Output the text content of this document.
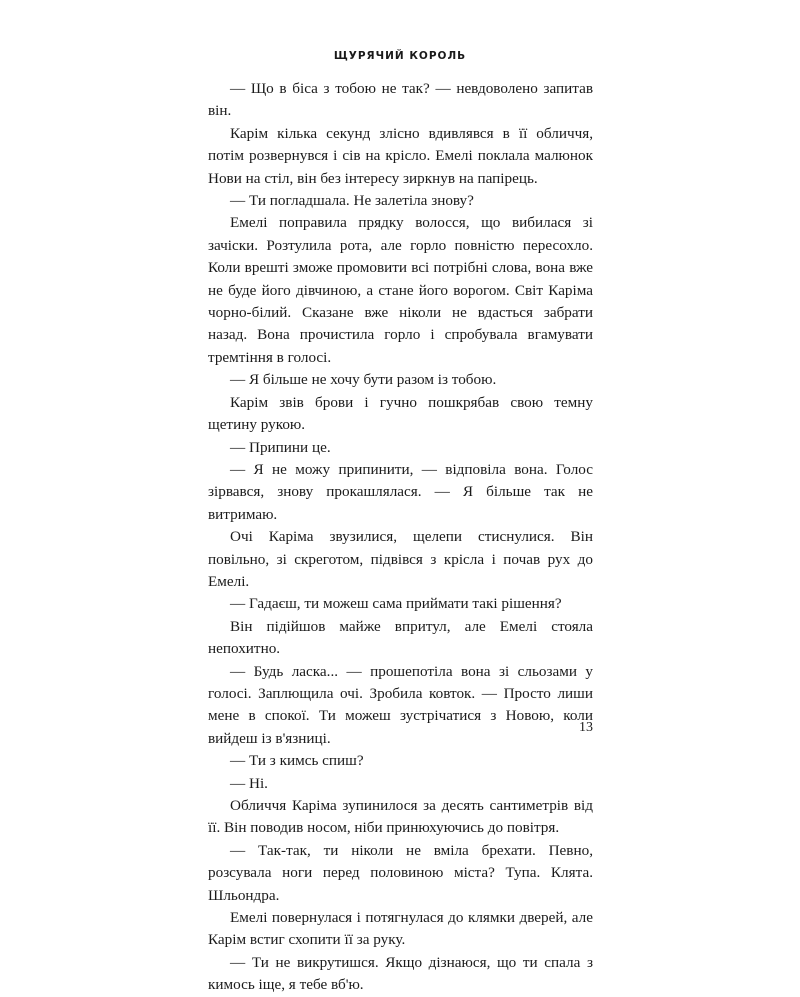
ЩУРЯЧИЙ КОРОЛЬ

— Що в біса з тобою не так? — невдоволено запитав він.

Карім кілька секунд злісно вдивлявся в її обличчя, потім розвернувся і сів на крісло. Емелі поклала малюнок Нови на стіл, він без інтересу зиркнув на папірець.

— Ти погладшала. Не залетіла знову?

Емелі поправила прядку волосся, що вибилася зі зачіски. Розтулила рота, але горло повністю пересохло. Коли врешті зможе промовити всі потрібні слова, вона вже не буде його дівчиною, а стане його ворогом. Світ Каріма чорно-білий. Сказане вже ніколи не вдасться забрати назад. Вона прочистила горло і спробувала вгамувати тремтіння в голосі.

— Я більше не хочу бути разом із тобою.

Карім звів брови і гучно пошкрябав свою темну щетину рукою.

— Припини це.

— Я не можу припинити, — відповіла вона. Голос зірвався, знову прокашлялася. — Я більше так не витримаю.

Очі Каріма звузилися, щелепи стиснулися. Він повільно, зі скреготом, підвівся з крісла і почав рух до Емелі.

— Гадаєш, ти можеш сама приймати такі рішення?

Він підійшов майже впритул, але Емелі стояла непохитно.

— Будь ласка... — прошепотіла вона зі сльозами у голосі. Заплющила очі. Зробила ковток. — Просто лиши мене в спокої. Ти можеш зустрічатися з Новою, коли вийдеш із в'язниці.

— Ти з кимсь спиш?

— Ні.

Обличчя Каріма зупинилося за десять сантиметрів від її. Він поводив носом, ніби принюхуючись до повітря.

— Так-так, ти ніколи не вміла брехати. Певно, розсувала ноги перед половиною міста? Тупа. Клята. Шльондра.

Емелі повернулася і потягнулася до клямки дверей, але Карім встиг схопити її за руку.

— Ти не викрутишся. Якщо дізнаюся, що ти спала з кимось іще, я тебе вб'ю.

13
